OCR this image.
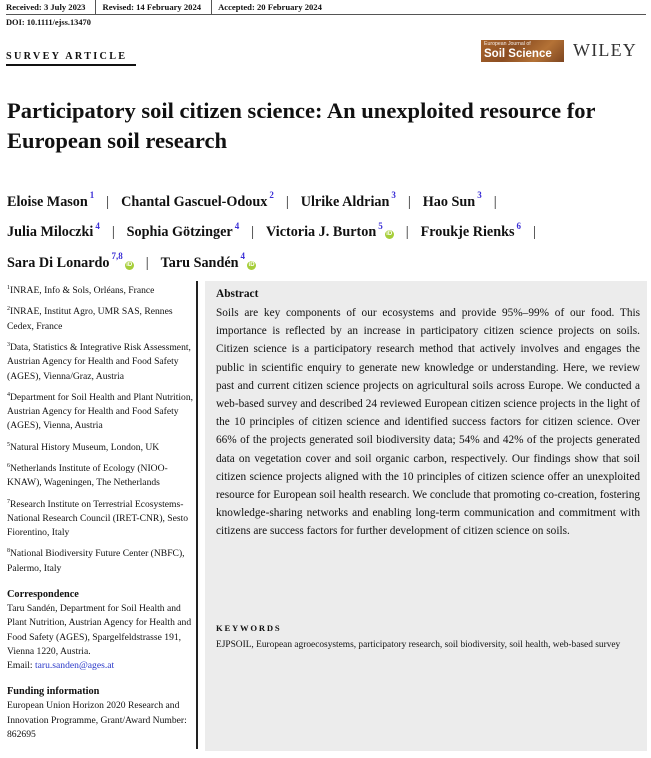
Received: 3 July 2023	Revised: 14 February 2024	Accepted: 20 February 2024
DOI: 10.1111/ejss.13470
SURVEY ARTICLE
European Journal of
Soil Science WILEY
Participatory soil citizen science: An unexploited resource for European soil research
Eloise Mason $^1$ | Chantal Gascuel-Odoux $^2$ | Ulrike Aldrian $^3$ | Hao Sun $^3$ |
Julia Miloczki $^4$ | Sophia Götzinger $^4$ | Victoria J. Burton $^5$iD | Froukje Rienks $^6$ |
Sara Di Lonardo $^{7,8}$iD | Taru Sandén $^4$iD
$^1$INRAE, Info & Sols, Orléans, France
$^2$INRAE, Institut Agro, UMR SAS, Rennes Cedex, France
$^3$Data, Statistics & Integrative Risk Assessment, Austrian Agency for Health and Food Safety (AGES), Vienna/Graz, Austria
$^4$Department for Soil Health and Plant Nutrition, Austrian Agency for Health and Food Safety (AGES), Vienna, Austria
$^5$Natural History Museum, London, UK
$^6$Netherlands Institute of Ecology (NIOO-KNAW), Wageningen, The Netherlands
$^7$Research Institute on Terrestrial Ecosystems-National Research Council (IRET-CNR), Sesto Fiorentino, Italy
$^8$National Biodiversity Future Center (NBFC), Palermo, Italy
Correspondence
Taru Sandén, Department for Soil Health and Plant Nutrition, Austrian Agency for Health and Food Safety (AGES), Spargelfeldstrasse 191,
Vienna 1220, Austria.
Email: taru.sanden@ages.at
Funding information
European Union Horizon 2020 Research and Innovation Programme, Grant/Award Number: 862695
Abstract
Soils are key components of our ecosystems and provide 95%–99% of our food. This importance is reflected by an increase in participatory citizen science projects on soils. Citizen science is a participatory research method that actively involves and engages the public in scientific enquiry to generate new knowledge or understanding. Here, we review past and current citizen science projects on agricultural soils across Europe. We conducted a web-based survey and described 24 reviewed European citizen science projects in the light of the 10 principles of citizen science and identified success factors for citizen science. Over 66% of the projects generated soil biodiversity data; 54% and 42% of the projects generated data on vegetation cover and soil organic carbon, respectively. Our findings show that soil citizen science projects aligned with the 10 principles of citizen science offer an unexploited resource for European soil health research. We conclude that promoting co-creation, fostering knowledge-sharing networks and enabling long-term communication and commitment with citizens are success factors for further development of citizen science on soils.
KEYWORDS
EJPSOIL, European agroecosystems, participatory research, soil biodiversity, soil health, web-based survey
